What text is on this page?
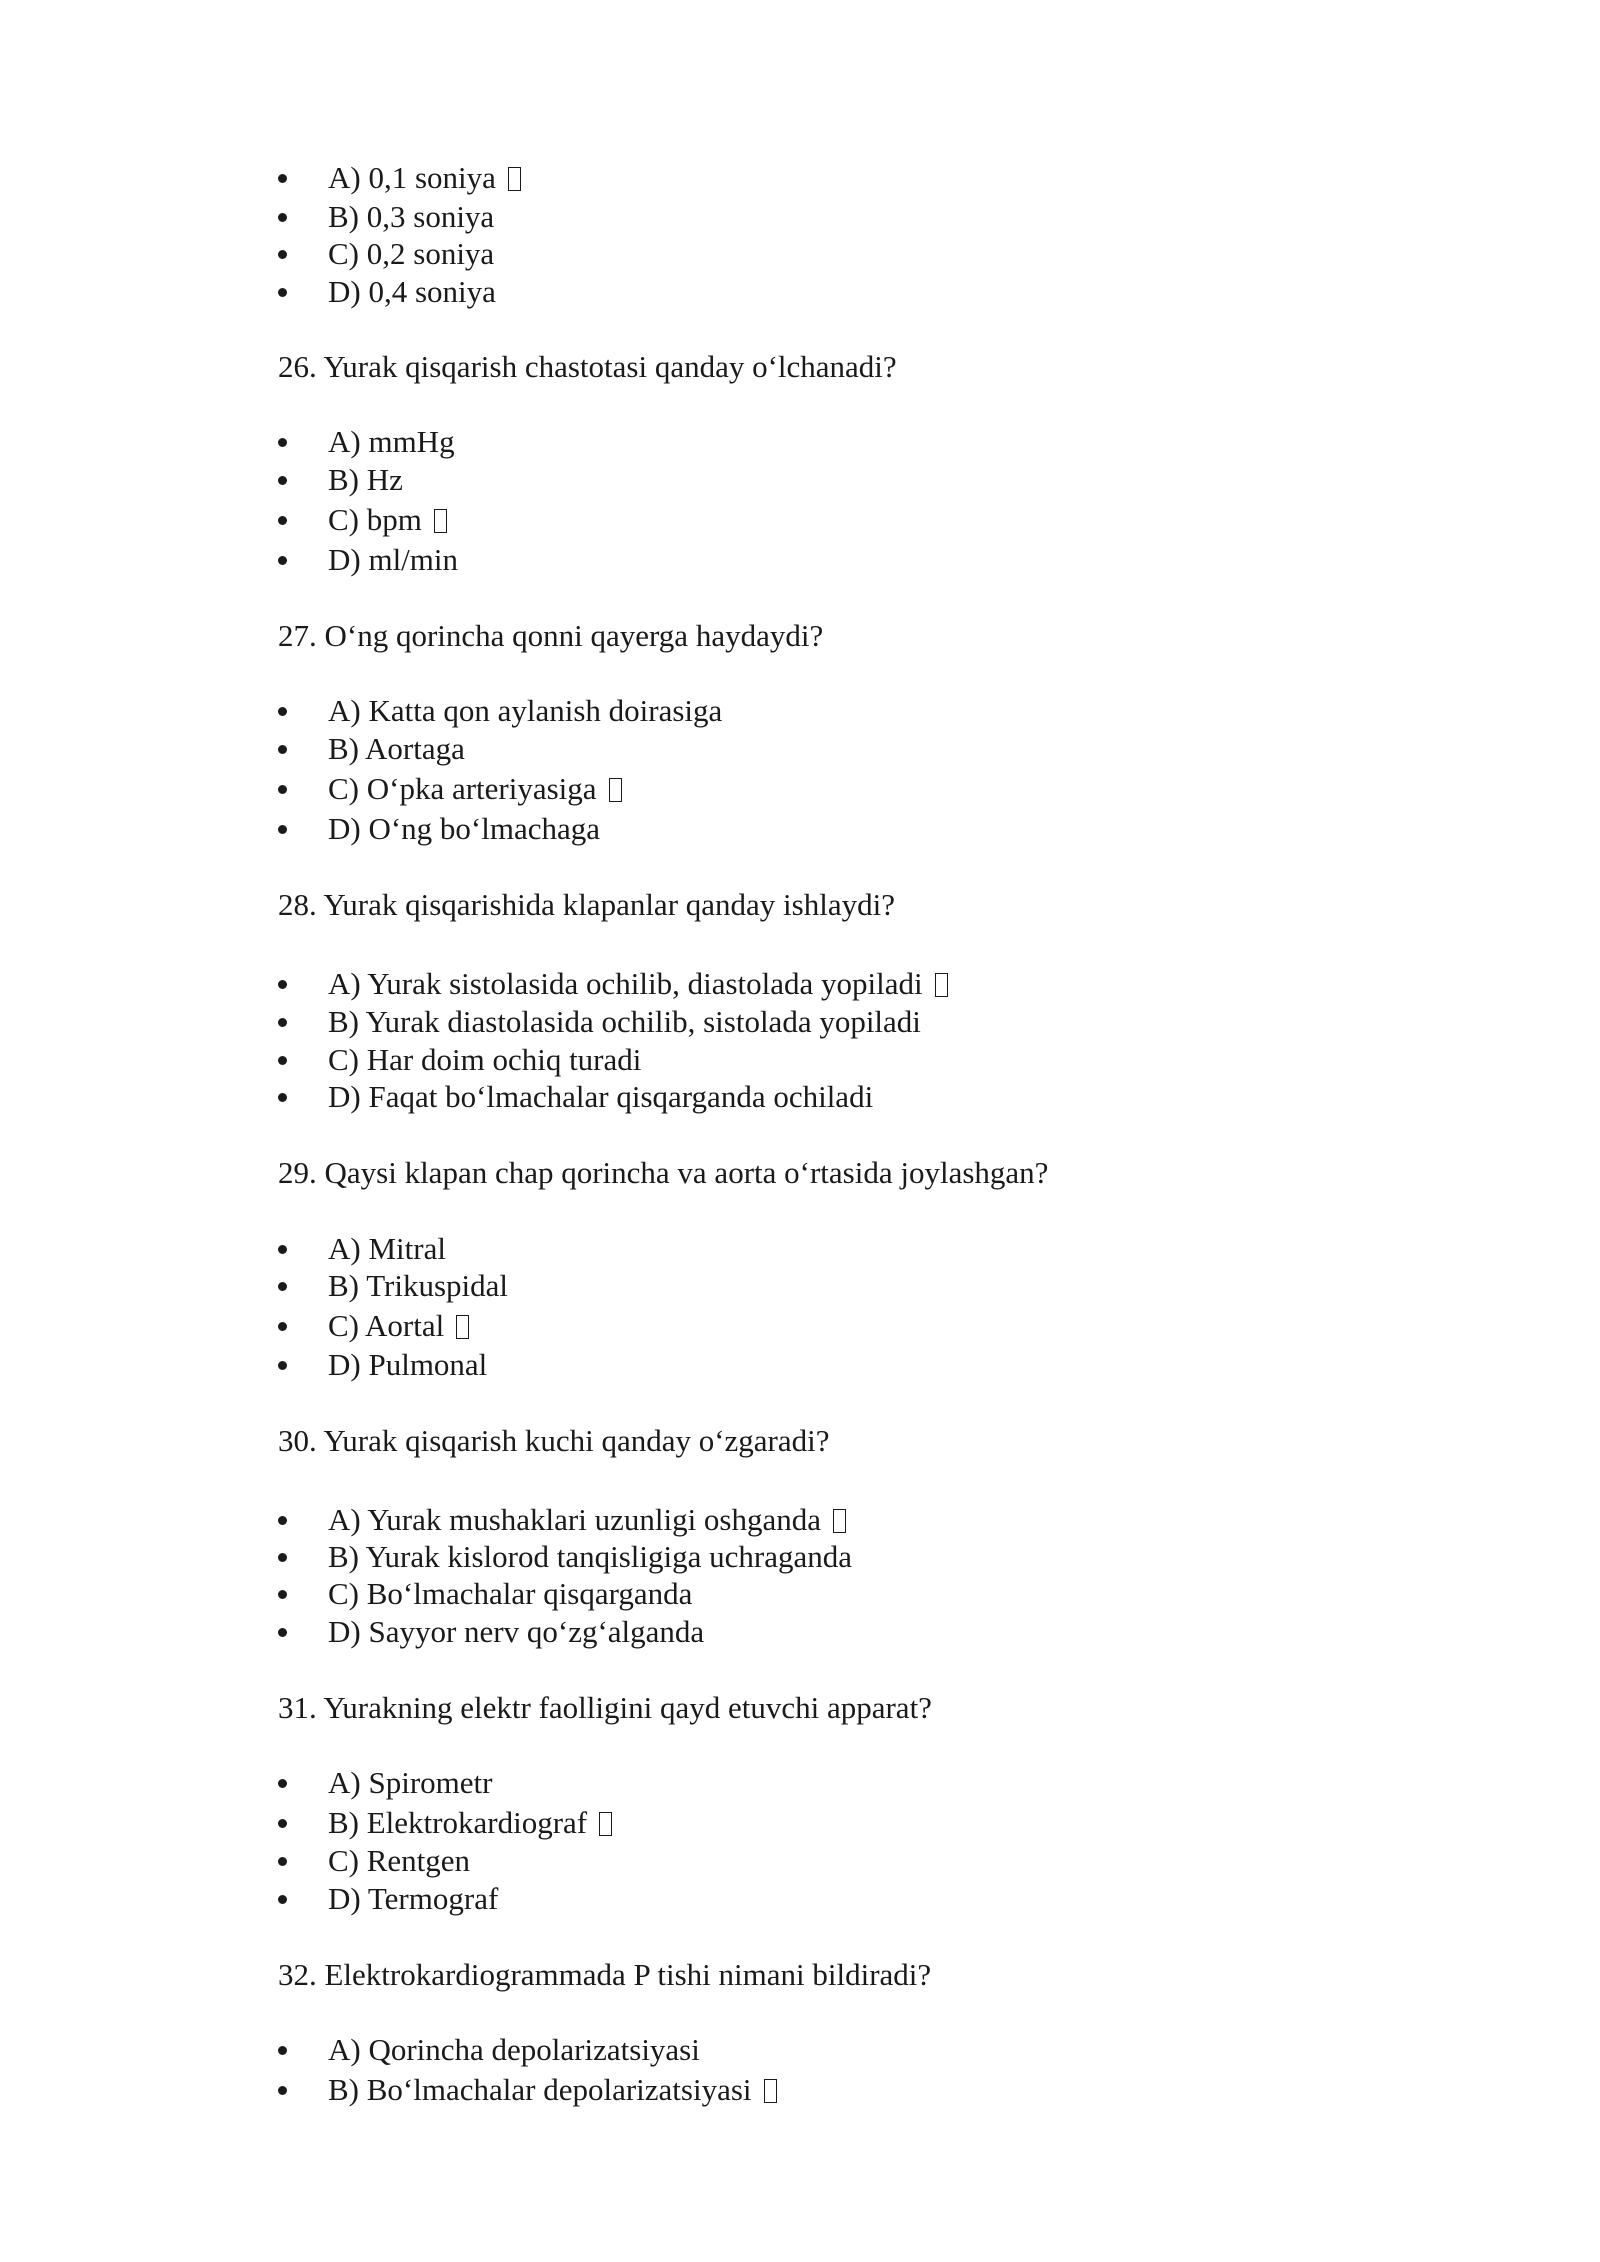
A) 0,1 soniya
B) 0,3 soniya
C) 0,2 soniya
D) 0,4 soniya
26. Yurak qisqarish chastotasi qanday oʻlchanadi?
A) mmHg
B) Hz
C) bpm
D) ml/min
27. Oʻng qorincha qonni qayerga haydaydi?
A) Katta qon aylanish doirasiga
B) Aortaga
C) Oʻpka arteriyasiga
D) Oʻng boʻlmachaga
28. Yurak qisqarishida klapanlar qanday ishlaydi?
A) Yurak sistolasida ochilib, diastolada yopiladi
B) Yurak diastolasida ochilib, sistolada yopiladi
C) Har doim ochiq turadi
D) Faqat boʻlmachalar qisqarganda ochiladi
29. Qaysi klapan chap qorincha va aorta oʻrtasida joylashgan?
A) Mitral
B) Trikuspidal
C) Aortal
D) Pulmonal
30. Yurak qisqarish kuchi qanday oʻzgaradi?
A) Yurak mushaklari uzunligi oshganda
B) Yurak kislorod tanqisligiga uchraganda
C) Boʻlmachalar qisqarganda
D) Sayyor nerv qoʻzgʻalganda
31. Yurakning elektr faolligini qayd etuvchi apparat?
A) Spirometr
B) Elektrokardiograf
C) Rentgen
D) Termograf
32. Elektrokardiogrammada P tishi nimani bildiradi?
A) Qorincha depolarizatsiyasi
B) Boʻlmachalar depolarizatsiyasi
